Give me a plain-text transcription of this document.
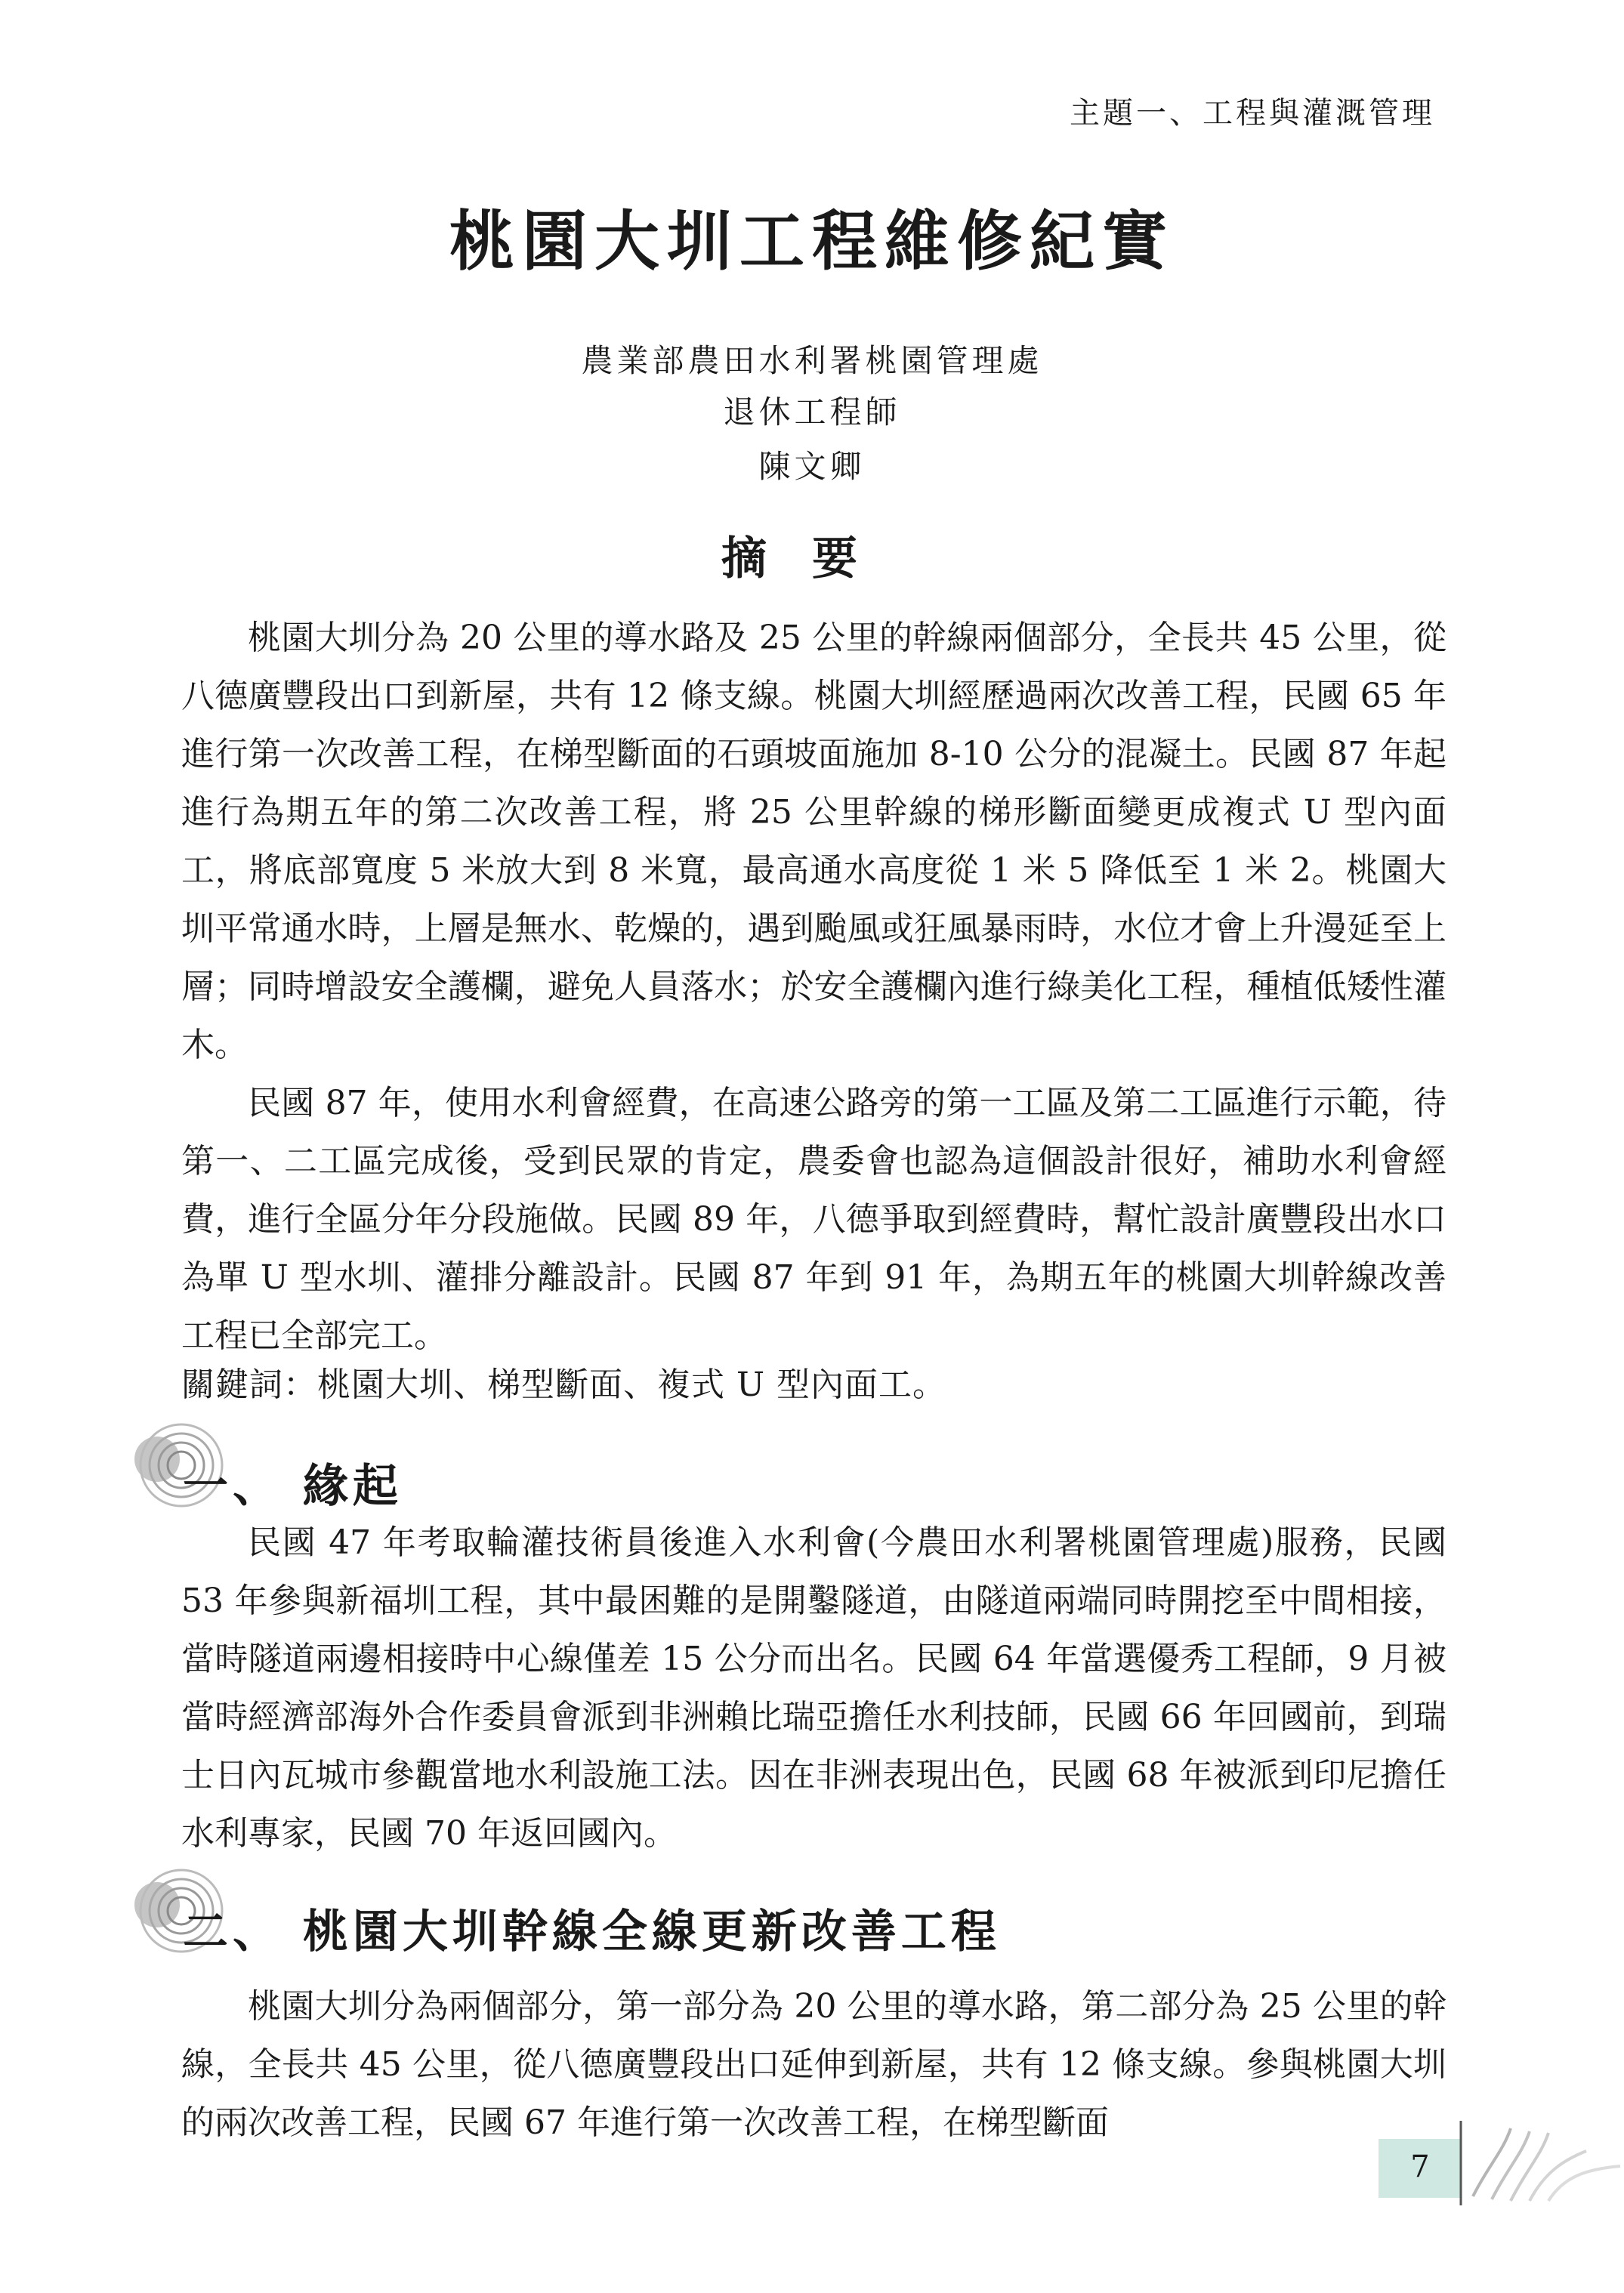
主題一、工程與灌溉管理
桃園大圳工程維修紀實
農業部農田水利署桃園管理處
退休工程師
陳文卿
摘要

桃園大圳分為 20 公里的導水路及 25 公里的幹線兩個部分，全長共 45 公里，從八德廣豐段出口到新屋，共有 12 條支線。桃園大圳經歷過兩次改善工程，民國 65 年進行第一次改善工程，在梯型斷面的石頭坡面施加 8-10 公分的混凝土。民國 87 年起進行為期五年的第二次改善工程，將 25 公里幹線的梯形斷面變更成複式 U 型內面工，將底部寬度 5 米放大到 8 米寬，最高通水高度從 1 米 5 降低至 1 米 2。桃園大圳平常通水時，上層是無水、乾燥的，遇到颱風或狂風暴雨時，水位才會上升漫延至上層；同時增設安全護欄，避免人員落水；於安全護欄內進行綠美化工程，種植低矮性灌木。

民國 87 年，使用水利會經費，在高速公路旁的第一工區及第二工區進行示範，待第一、二工區完成後，受到民眾的肯定，農委會也認為這個設計很好，補助水利會經費，進行全區分年分段施做。民國 89 年，八德爭取到經費時，幫忙設計廣豐段出水口為單 U 型水圳、灌排分離設計。民國 87 年到 91 年，為期五年的桃園大圳幹線改善工程已全部完工。

關鍵詞：桃園大圳、梯型斷面、複式 U 型內面工。
一、 緣起

民國 47 年考取輪灌技術員後進入水利會(今農田水利署桃園管理處)服務，民國 53 年參與新福圳工程，其中最困難的是開鑿隧道，由隧道兩端同時開挖至中間相接，當時隧道兩邊相接時中心線僅差 15 公分而出名。民國 64 年當選優秀工程師，9 月被當時經濟部海外合作委員會派到非洲賴比瑞亞擔任水利技師，民國 66 年回國前，到瑞士日內瓦城市參觀當地水利設施工法。因在非洲表現出色，民國 68 年被派到印尼擔任水利專家，民國 70 年返回國內。

二、 桃園大圳幹線全線更新改善工程

桃園大圳分為兩個部分，第一部分為 20 公里的導水路，第二部分為 25 公里的幹線，全長共 45 公里，從八德廣豐段出口延伸到新屋，共有 12 條支線。參與桃園大圳的兩次改善工程，民國 67 年進行第一次改善工程，在梯型斷面

7
